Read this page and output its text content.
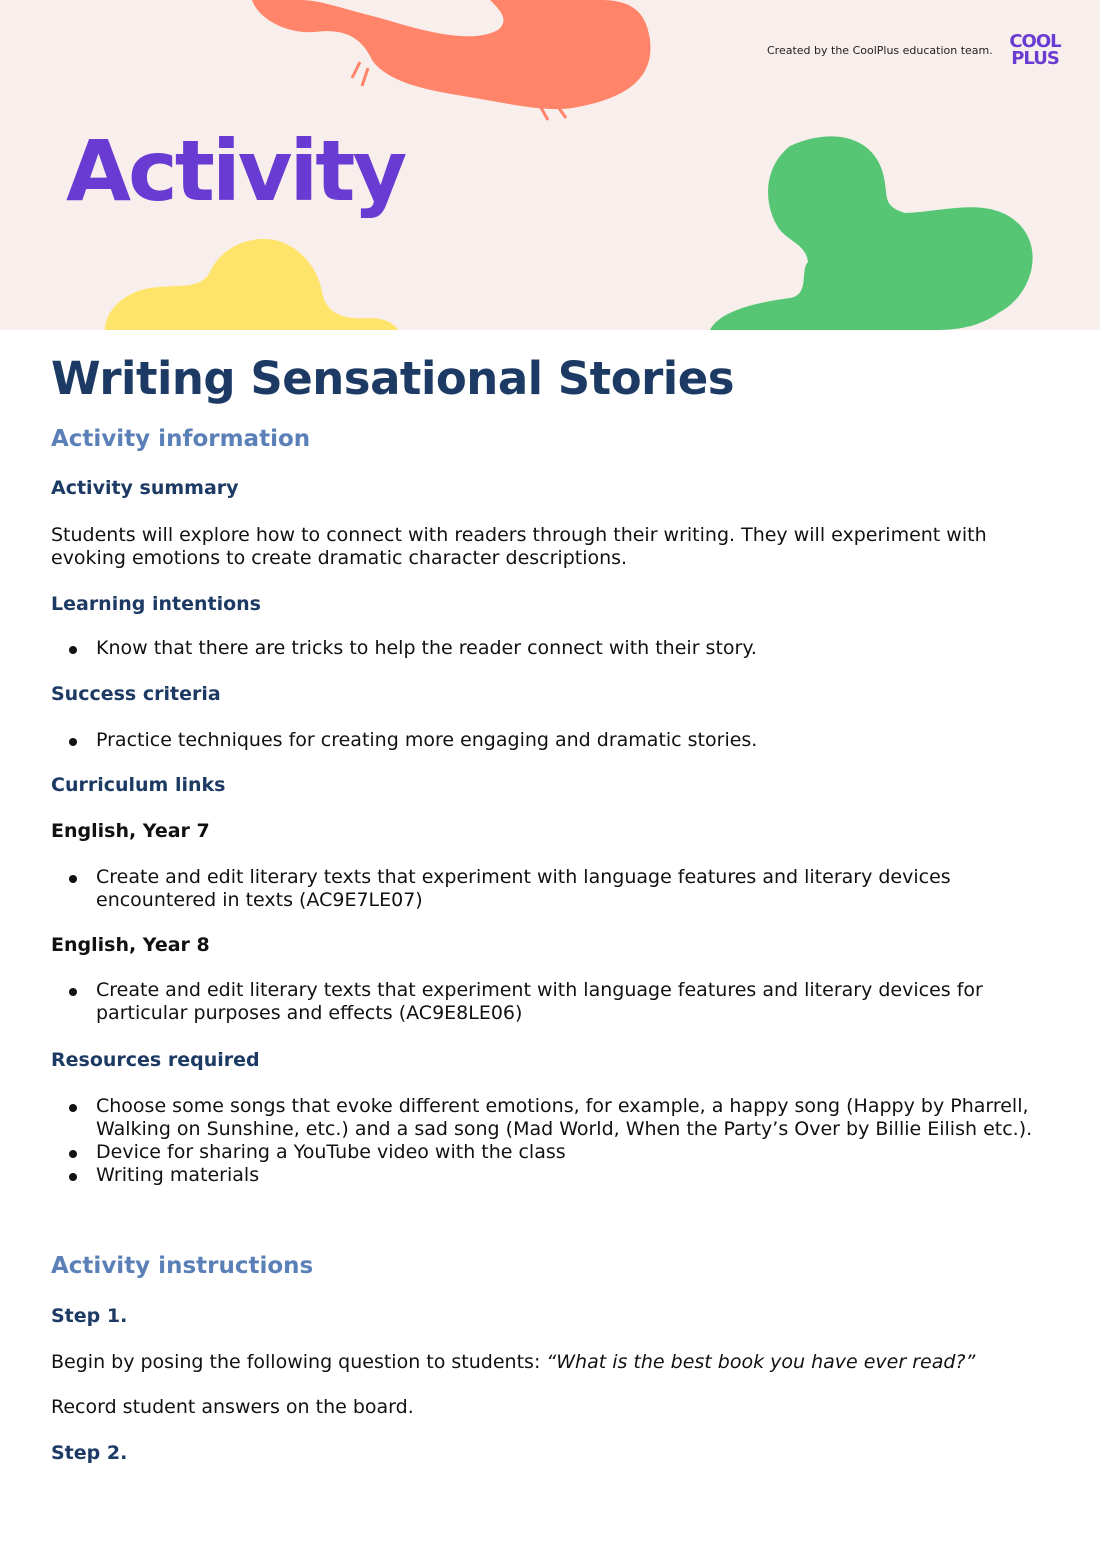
Created by the CoolPlus education team. COOL
PLUS
Activity
Writing Sensational Stories
Activity information
Activity summary
Students will explore how to connect with readers through their writing. They will experiment with evoking emotions to create dramatic character descriptions.
Learning intentions
Know that there are tricks to help the reader connect with their story.
Success criteria
Practice techniques for creating more engaging and dramatic stories.
Curriculum links
English, Year 7
Create and edit literary texts that experiment with language features and literary devices encountered in texts (AC9E7LE07)
English, Year 8
Create and edit literary texts that experiment with language features and literary devices for particular purposes and effects (AC9E8LE06)
Resources required
Choose some songs that evoke different emotions, for example, a happy song (Happy by Pharrell, Walking on Sunshine, etc.) and a sad song (Mad World, When the Party’s Over by Billie Eilish etc.).
Device for sharing a YouTube video with the class
Writing materials
Activity instructions
Step 1.
Begin by posing the following question to students: “What is the best book you have ever read?”
Record student answers on the board.
Step 2.
